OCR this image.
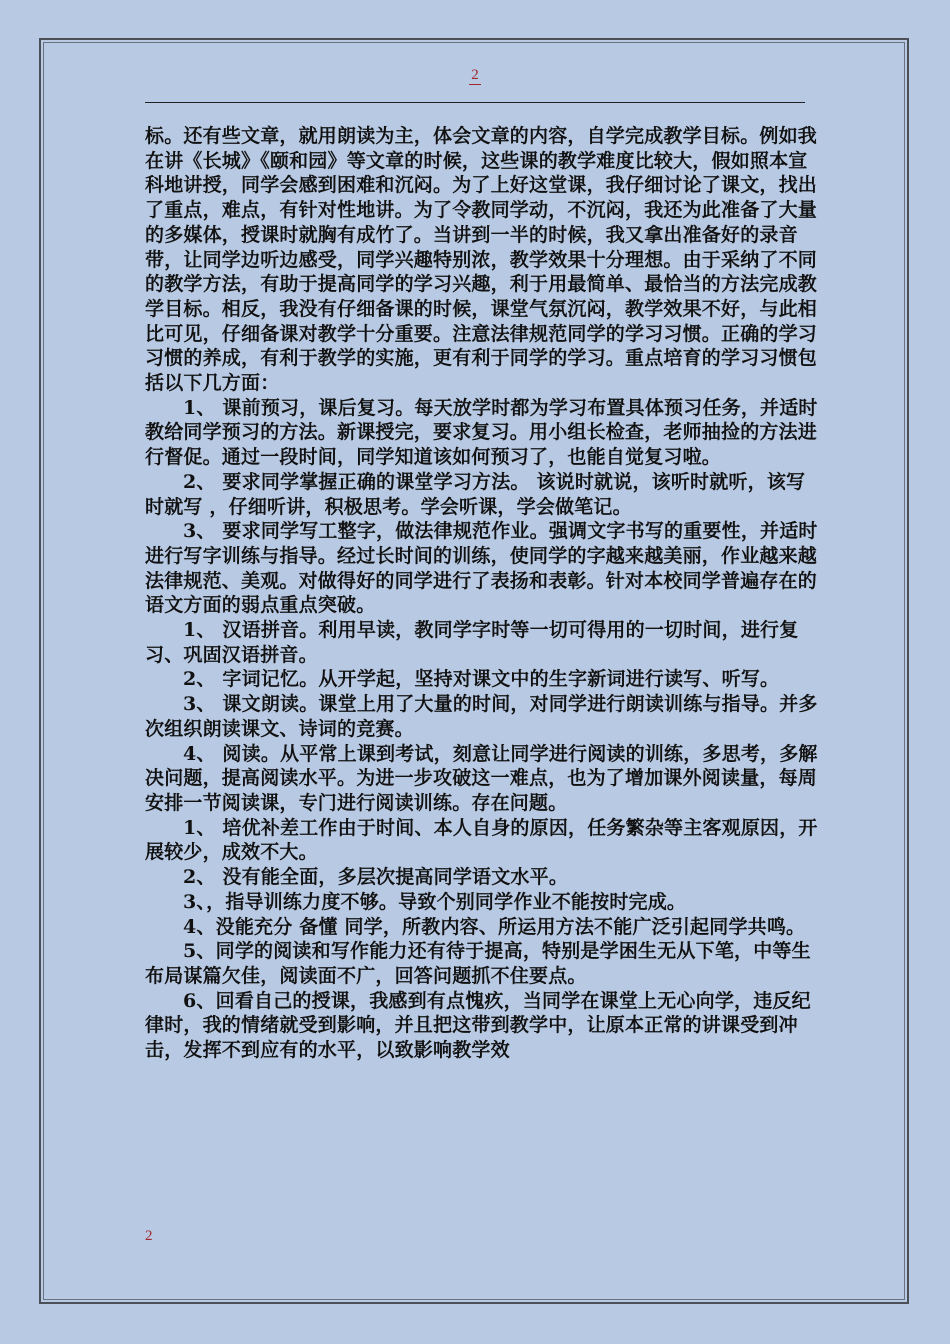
2

标。还有些文章，就用朗读为主，体会文章的内容，自学完成教学目标。例如我在讲《长城》《颐和园》等文章的时候，这些课的教学难度比较大，假如照本宣科地讲授，同学会感到困难和沉闷。为了上好这堂课，我仔细讨论了课文，找出了重点，难点，有针对性地讲。为了令教同学动，不沉闷，我还为此准备了大量的多媒体，授课时就胸有成竹了。当讲到一半的时候，我又拿出准备好的录音带，让同学边听边感受，同学兴趣特别浓，教学效果十分理想。由于采纳了不同的教学方法，有助于提高同学的学习兴趣，利于用最简单、最恰当的方法完成教学目标。相反，我没有仔细备课的时候，课堂气氛沉闷，教学效果不好，与此相比可见，仔细备课对教学十分重要。注意法律规范同学的学习习惯。正确的学习习惯的养成，有利于教学的实施，更有利于同学的学习。重点培育的学习习惯包括以下几方面：

1、 课前预习，课后复习。每天放学时都为学习布置具体预习任务，并适时教给同学预习的方法。新课授完，要求复习。用小组长检查，老师抽捡的方法进行督促。通过一段时间，同学知道该如何预习了，也能自觉复习啦。

2、 要求同学掌握正确的课堂学习方法。 该说时就说，该听时就听，该写时就写 ，仔细听讲，积极思考。学会听课，学会做笔记。

3、 要求同学写工整字，做法律规范作业。强调文字书写的重要性，并适时进行写字训练与指导。经过长时间的训练，使同学的字越来越美丽，作业越来越法律规范、美观。对做得好的同学进行了表扬和表彰。针对本校同学普遍存在的语文方面的弱点重点突破。

1、 汉语拼音。利用早读，教同学字时等一切可得用的一切时间，进行复习、巩固汉语拼音。

2、 字词记忆。从开学起，坚持对课文中的生字新词进行读写、听写。

3、 课文朗读。课堂上用了大量的时间，对同学进行朗读训练与指导。并多次组织朗读课文、诗词的竞赛。

4、 阅读。从平常上课到考试，刻意让同学进行阅读的训练，多思考，多解决问题，提高阅读水平。为进一步攻破这一难点，也为了增加课外阅读量，每周安排一节阅读课，专门进行阅读训练。存在问题。

1、 培优补差工作由于时间、本人自身的原因，任务繁杂等主客观原因，开展较少，成效不大。

2、 没有能全面，多层次提高同学语文水平。

3、，指导训练力度不够。导致个别同学作业不能按时完成。

4、没能充分 备懂 同学，所教内容、所运用方法不能广泛引起同学共鸣。

5、同学的阅读和写作能力还有待于提高，特别是学困生无从下笔，中等生布局谋篇欠佳，阅读面不广，回答问题抓不住要点。

6、回看自己的授课，我感到有点愧疚，当同学在课堂上无心向学，违反纪律时，我的情绪就受到影响，并且把这带到教学中，让原本正常的讲课受到冲击，发挥不到应有的水平，以致影响教学效

2
